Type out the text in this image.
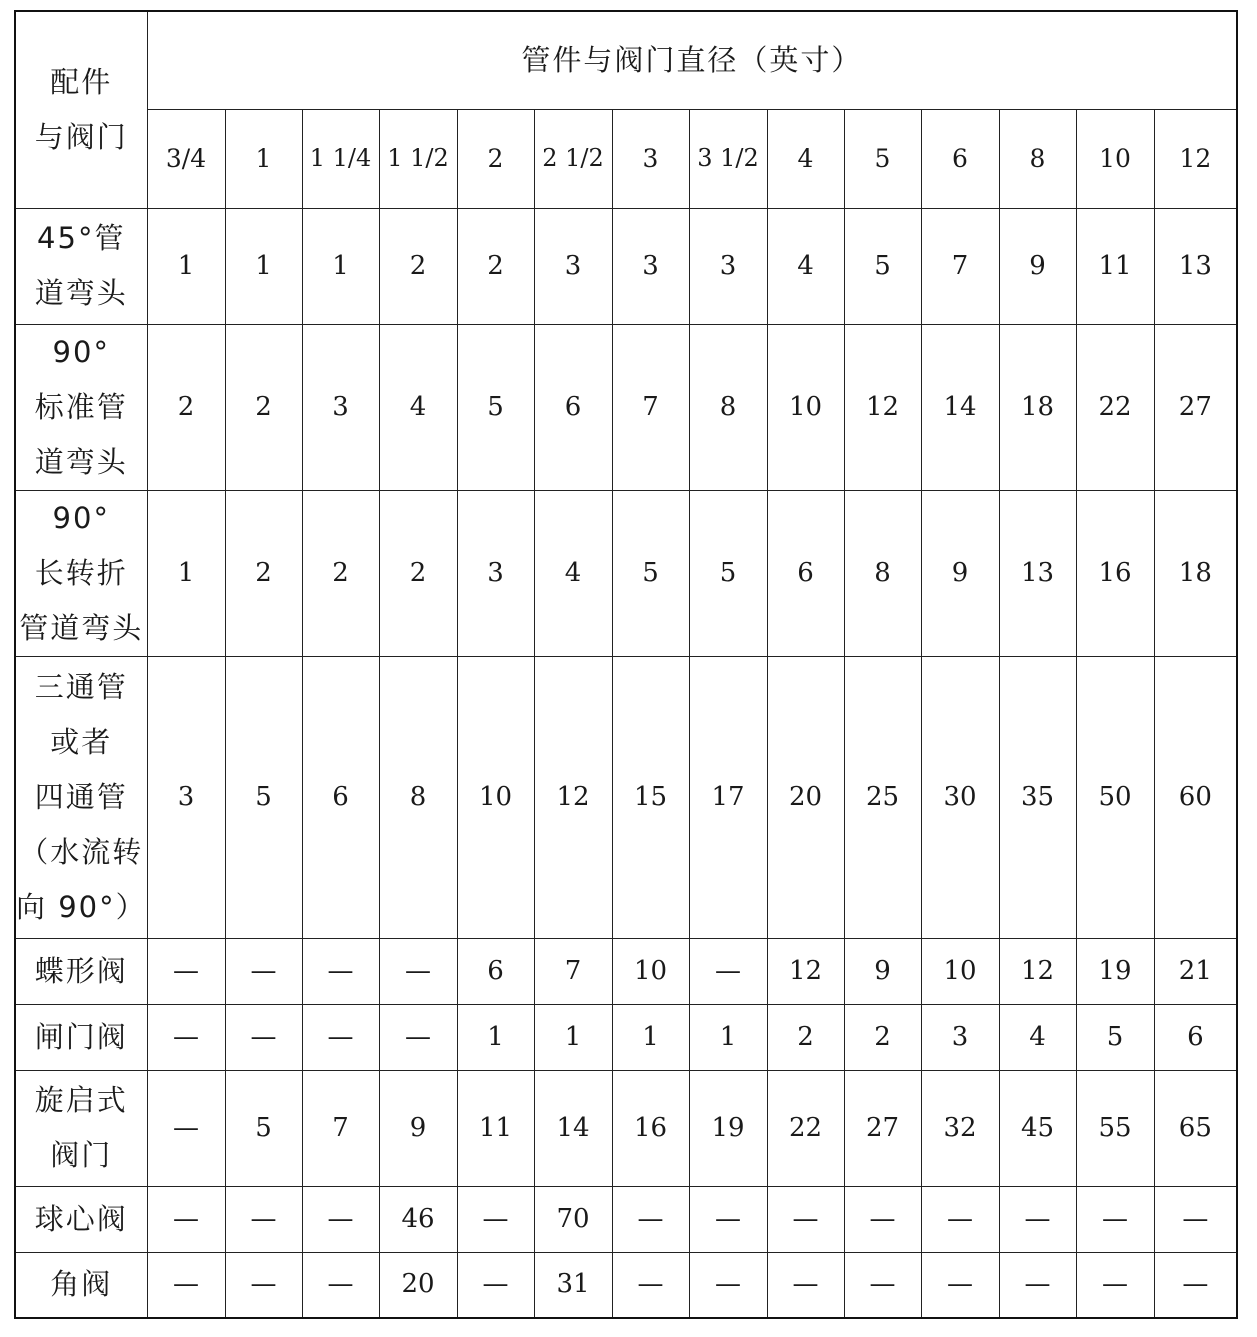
配件
与阀门	管件与阀门直径（英寸）													
	3/4	1	1 1/4	1 1/2	2	2 1/2	3	3 1/2	4	5	6	8	10	12

45°管
道弯头	1	1	1	2	2	3	3	3	4	5	7	9	11	13

90°
标准管
道弯头	2	2	3	4	5	6	7	8	10	12	14	18	22	27

90°
长转折
管道弯头	1	2	2	2	3	4	5	5	6	8	9	13	16	18

三通管
或者
四通管
（水流转
向 90°）	3	5	6	8	10	12	15	17	20	25	30	35	50	60

蝶形阀	—	—	—	—	6	7	10	—	12	9	10	12	19	21

闸门阀	—	—	—	—	1	1	1	1	2	2	3	4	5	6

旋启式
阀门	—	5	7	9	11	14	16	19	22	27	32	45	55	65

球心阀	—	—	—	46	—	70	—	—	—	—	—	—	—	—

角阀	—	—	—	20	—	31	—	—	—	—	—	—	—	—
